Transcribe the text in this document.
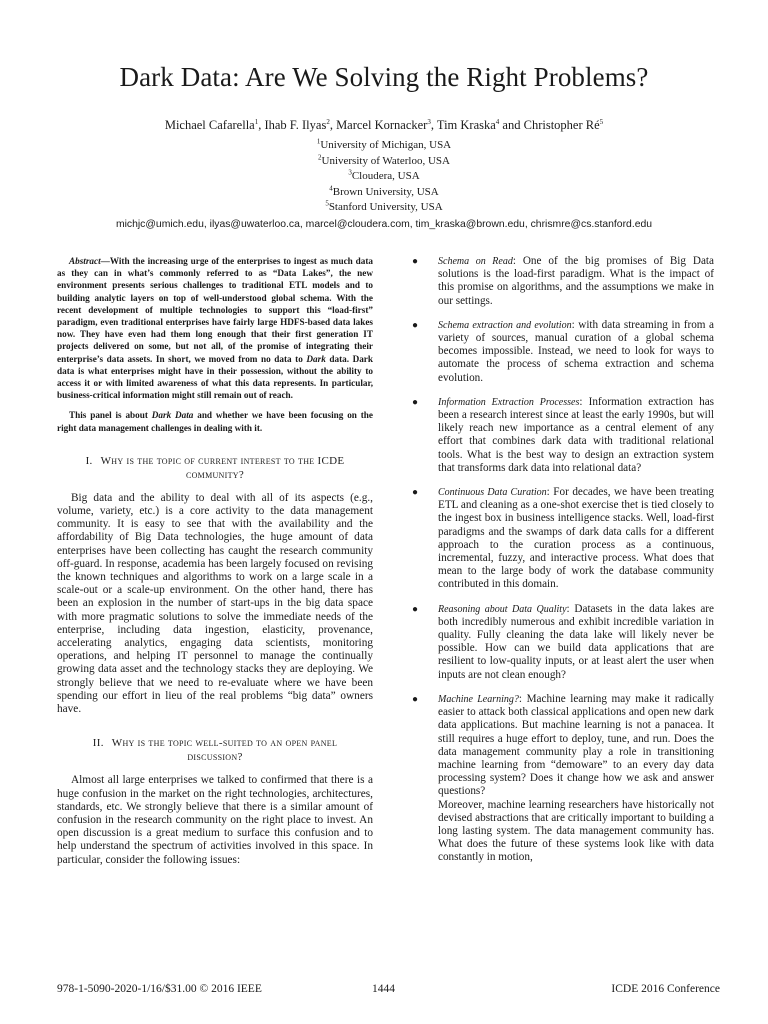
Dark Data: Are We Solving the Right Problems?
Michael Cafarella$^1$, Ihab F. Ilyas$^2$, Marcel Kornacker$^3$, Tim Kraska$^4$ and Christopher $Ré^5$
$^1$University of Michigan, USA
$^2$University of Waterloo, USA
$^3$Cloudera, USA
$^4$Brown University, USA
$^5$Stanford University, USA
michjc@umich.edu, ilyas@uwaterloo.ca, marcel@cloudera.com, tim_kraska@brown.edu, chrismre@cs.stanford.edu

Abstract—With the increasing urge of the enterprises to ingest as much data as they can in what’s commonly referred to as “Data Lakes”, the new environment presents serious challenges to traditional ETL models and to building analytic layers on top of well-understood global schema. With the recent development of multiple technologies to support this “load-first” paradigm, even traditional enterprises have fairly large HDFS-based data lakes now. They have even had them long enough that their first generation IT projects delivered on some, but not all, of the promise of integrating their enterprise’s data assets. In short, we moved from no data to Dark data. Dark data is what enterprises might have in their possession, without the ability to access it or with limited awareness of what this data represents. In particular, business-critical information might still remain out of reach.

This panel is about Dark Data and whether we have been focusing on the right data management challenges in dealing with it.

I. Why is the topic of current interest to the ICDE community?

Big data and the ability to deal with all of its aspects (e.g., volume, variety, etc.) is a core activity to the data management community. It is easy to see that with the availability and the affordability of Big Data technologies, the huge amount of data enterprises have been collecting has caught the research community off-guard. In response, academia has been largely focused on revising the known techniques and algorithms to work on a large scale in a scale-out or a scale-up environment. On the other hand, there has been an explosion in the number of start-ups in the big data space with more pragmatic solutions to solve the immediate needs of the enterprise, including data ingestion, elasticity, provenance, accelerating analytics, engaging data scientists, monitoring operations, and helping IT personnel to manage the continually growing data asset and the technology stacks they are deploying. We strongly believe that we need to re-evaluate where we have been spending our effort in lieu of the real problems “big data” owners have.

II. Why is the topic well-suited to an open panel discussion?

Almost all large enterprises we talked to confirmed that there is a huge confusion in the market on the right technologies, architectures, standards, etc. We strongly believe that there is a similar amount of confusion in the research community on the right place to invest. An open discussion is a great medium to surface this confusion and to help understand the spectrum of activities involved in this space. In particular, consider the following issues:

● Schema on Read: One of the big promises of Big Data solutions is the load-first paradigm. What is the impact of this promise on algorithms, and the assumptions we make in our settings.
● Schema extraction and evolution: with data streaming in from a variety of sources, manual curation of a global schema becomes impossible. Instead, we need to look for ways to automate the process of schema extraction and schema evolution.
● Information Extraction Processes: Information extraction has been a research interest since at least the early 1990s, but will likely reach new importance as a central element of any effort that combines dark data with traditional relational tools. What is the best way to design an extraction system that transforms dark data into relational data?
● Continuous Data Curation: For decades, we have been treating ETL and cleaning as a one-shot exercise thet is tied closely to the ingest box in business intelligence stacks. Well, load-first paradigms and the swamps of dark data calls for a different approach to the curation process as a continuous, incremental, fuzzy, and interactive process. What does that mean to the large body of work the database community contributed in this domain.
● Reasoning about Data Quality: Datasets in the data lakes are both incredibly numerous and exhibit incredible variation in quality. Fully cleaning the data lake will likely never be possible. How can we build data applications that are resilient to low-quality inputs, or at least alert the user when inputs are not clean enough?
● Machine Learning?: Machine learning may make it radically easier to attack both classical applications and open new dark data applications. But machine learning is not a panacea. It still requires a huge effort to deploy, tune, and run. Does the data management community play a role in transitioning machine learning from “demoware” to an every day data processing system? Does it change how we ask and answer questions?
Moreover, machine learning researchers have historically not devised abstractions that are critically important to building a long lasting system. The data management community has. What does the future of these systems look like with data constantly in motion,
978-1-5090-2020-1/16/$31.00 © 2016 IEEE	1444	ICDE 2016 Conference
